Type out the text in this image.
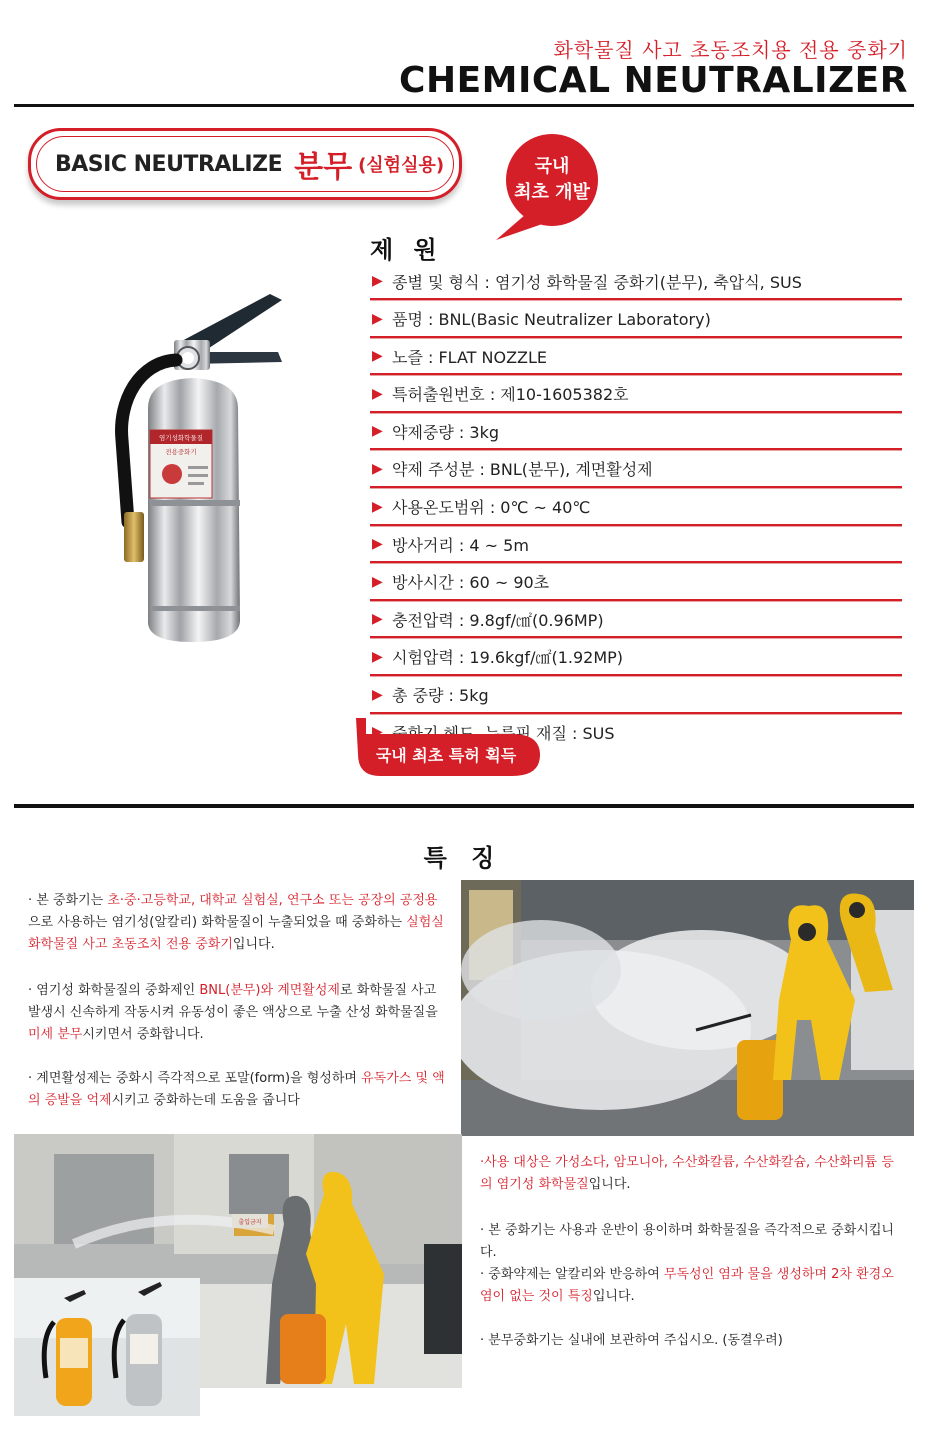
화학물질 사고 초동조치용 전용 중화기
CHEMICAL NEUTRALIZER
BASIC NEUTRALIZE 분무 (실험실용)	국내
최초 개발
염기성화학물질
전용중화기
제 원
▶ 종별 및 형식 : 염기성 화학물질 중화기(분무), 축압식, SUS
▶ 품명 : BNL(Basic Neutralizer Laboratory)
▶ 노즐 : FLAT NOZZLE
▶ 특허출원번호 : 제10-1605382호
▶ 약제중량 : 3kg
▶ 약제 주성분 : BNL(분무), 계면활성제
▶ 사용온도범위 : 0℃ ~ 40℃
▶ 방사거리 : 4 ~ 5m
▶ 방사시간 : 60 ~ 90초
▶ 충전압력 : 9.8gf/㎠(0.96MP)
▶ 시험압력 : 19.6kgf/㎠(1.92MP)
▶ 총 중량 : 5kg
▶ 중화기 헤드, 누름핀 재질 : SUS
국내 최초 특허 획득
특 징
· 본 중화기는 초·중·고등학교, 대학교 실험실, 연구소 또는 공장의 공정용으로 사용하는 염기성(알칼리) 화학물질이 누출되었을 때 중화하는 실험실 화학물질 사고 초동조치 전용 중화기입니다.
· 염기성 화학물질의 중화제인 BNL(분무)와 계면활성제로 화학물질 사고 발생시 신속하게 작동시켜 유동성이 좋은 액상으로 누출 산성 화학물질을 미세 분무시키면서 중화합니다.
· 계면활성제는 중화시 즉각적으로 포말(form)을 형성하며 유독가스 및 액의 증발을 억제시키고 중화하는데 도움을 줍니다
출입금지
·사용 대상은 가성소다, 암모니아, 수산화칼륨, 수산화칼슘, 수산화리튬 등의 염기성 화학물질입니다.
· 본 중화기는 사용과 운반이 용이하며 화학물질을 즉각적으로 중화시킵니다.
· 중화약제는 알칼리와 반응하여 무독성인 염과 물을 생성하며 2차 환경오염이 없는 것이 특징입니다.
· 분무중화기는 실내에 보관하여 주십시오. (동결우려)
